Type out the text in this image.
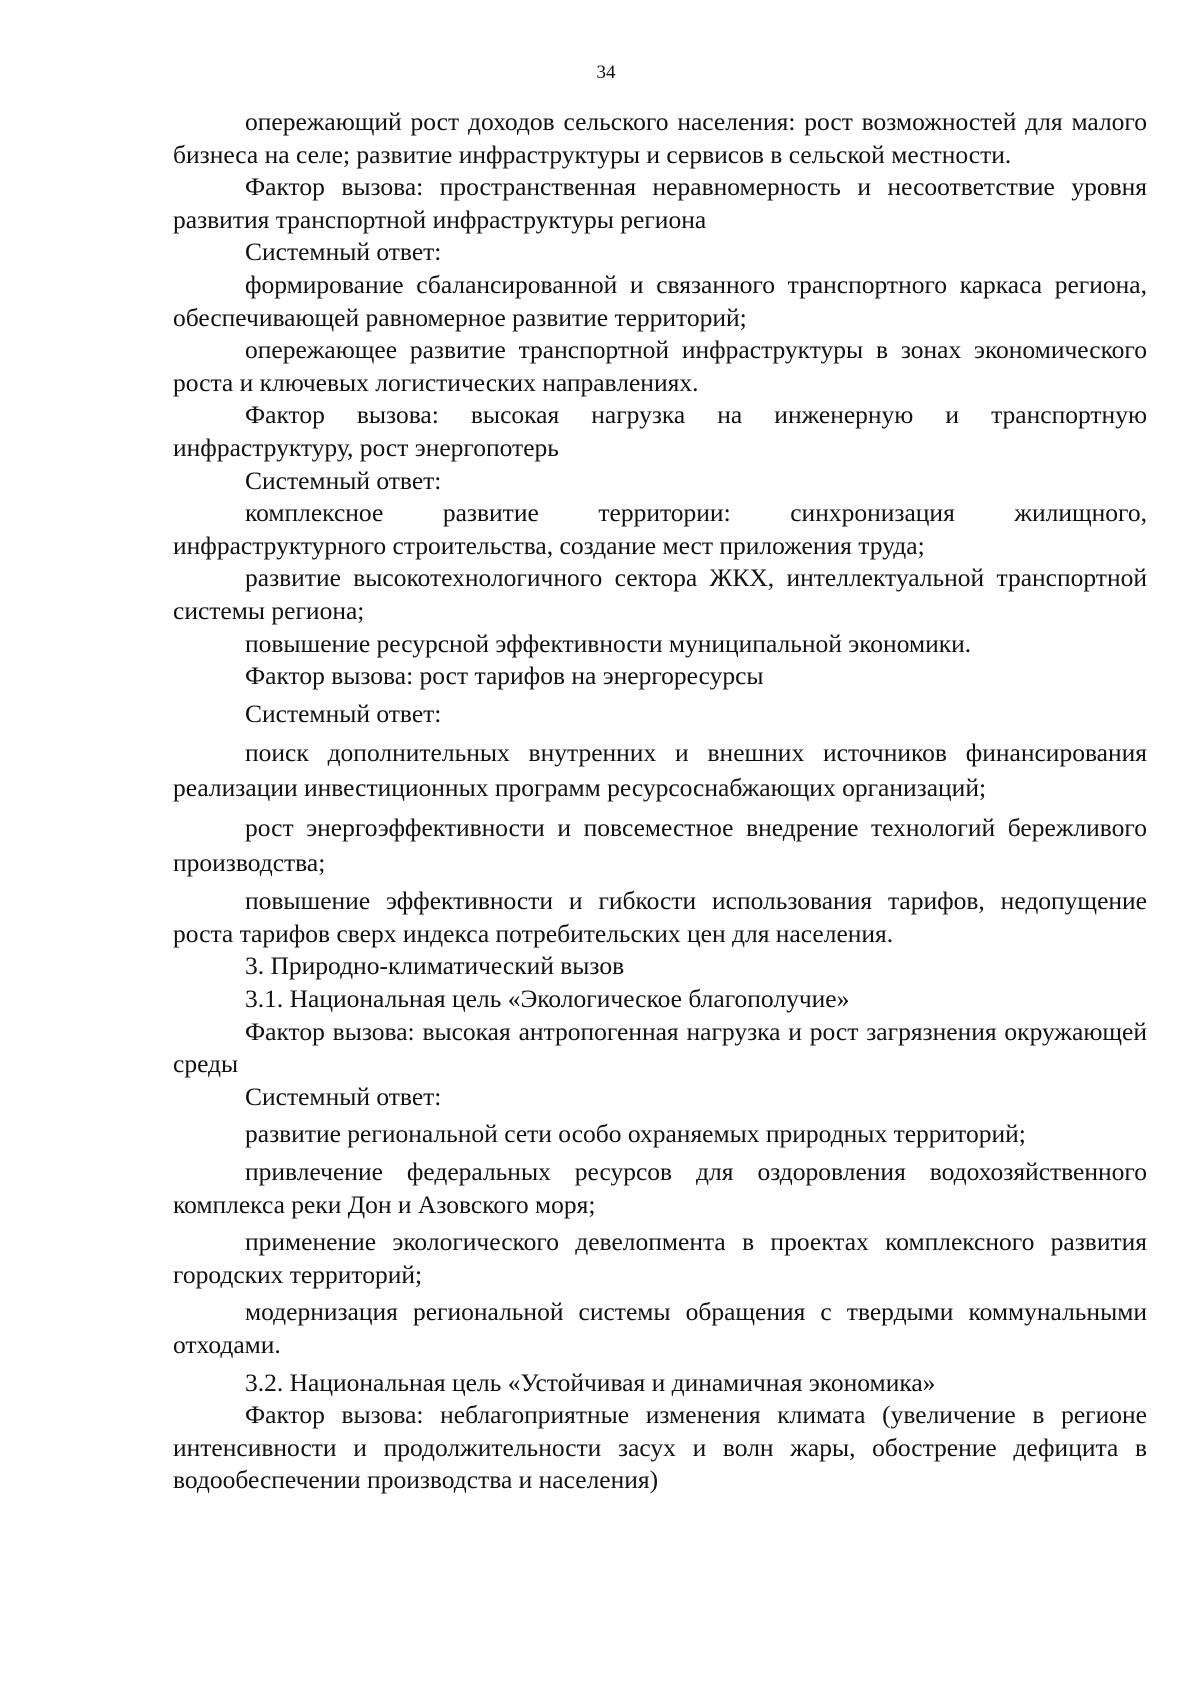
34

опережающий рост доходов сельского населения: рост возможностей для малого бизнеса на селе; развитие инфраструктуры и сервисов в сельской местности.

Фактор вызова: пространственная неравномерность и несоответствие уровня развития транспортной инфраструктуры региона

Системный ответ:

формирование сбалансированной и связанного транспортного каркаса региона, обеспечивающей равномерное развитие территорий;

опережающее развитие транспортной инфраструктуры в зонах экономического роста и ключевых логистических направлениях.

Фактор вызова: высокая нагрузка на инженерную и транспортную инфраструктуру, рост энергопотерь

Системный ответ:

комплексное развитие территории: синхронизация жилищного, инфраструктурного строительства, создание мест приложения труда;

развитие высокотехнологичного сектора ЖКХ, интеллектуальной транспортной системы региона;

повышение ресурсной эффективности муниципальной экономики.

Фактор вызова: рост тарифов на энергоресурсы

Системный ответ:

поиск дополнительных внутренних и внешних источников финансирования реализации инвестиционных программ ресурсоснабжающих организаций;

рост энергоэффективности и повсеместное внедрение технологий бережливого производства;

повышение эффективности и гибкости использования тарифов, недопущение роста тарифов сверх индекса потребительских цен для населения.

3. Природно-климатический вызов

3.1. Национальная цель «Экологическое благополучие»

Фактор вызова: высокая антропогенная нагрузка и рост загрязнения окружающей среды

Системный ответ:

развитие региональной сети особо охраняемых природных территорий;

привлечение федеральных ресурсов для оздоровления водохозяйственного комплекса реки Дон и Азовского моря;

применение экологического девелопмента в проектах комплексного развития городских территорий;

модернизация региональной системы обращения с твердыми коммунальными отходами.

3.2. Национальная цель «Устойчивая и динамичная экономика»

Фактор вызова: неблагоприятные изменения климата (увеличение в регионе интенсивности и продолжительности засух и волн жары, обострение дефицита в водообеспечении производства и населения)
